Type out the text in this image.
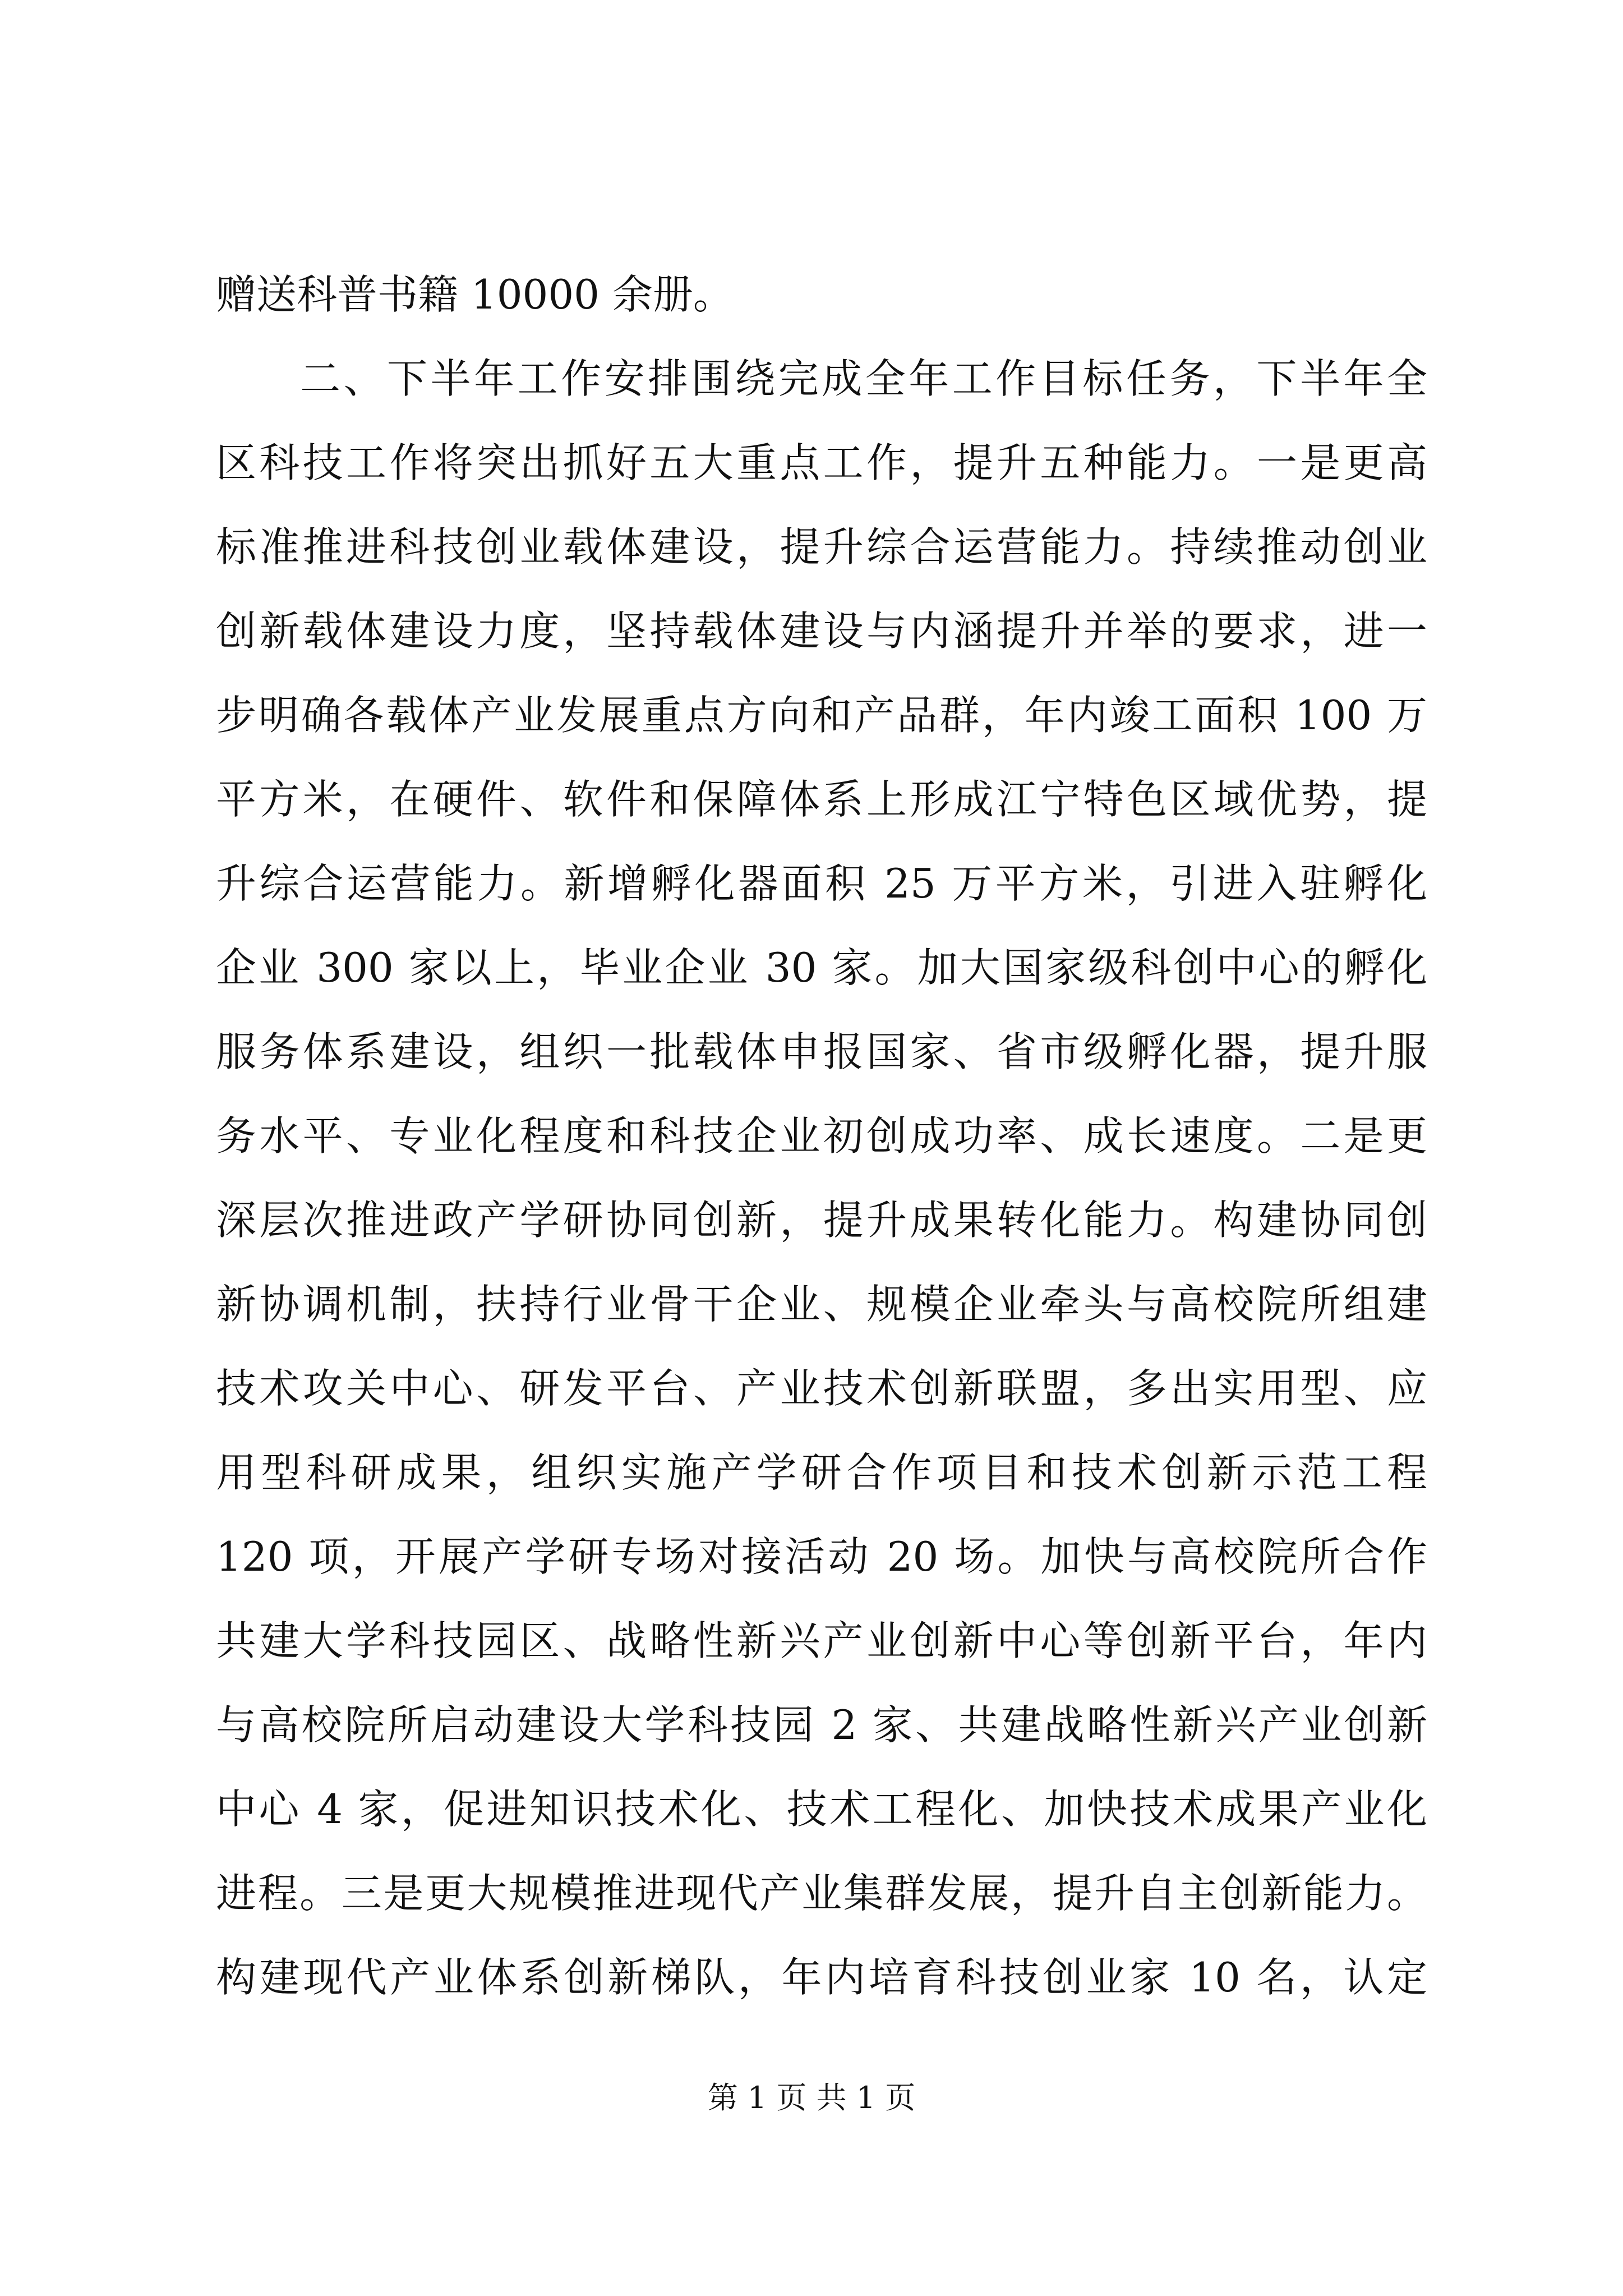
赠送科普书籍 10000 余册。
二、下半年工作安排围绕完成全年工作目标任务，下半年全
区科技工作将突出抓好五大重点工作，提升五种能力。一是更高
标准推进科技创业载体建设，提升综合运营能力。持续推动创业
创新载体建设力度，坚持载体建设与内涵提升并举的要求，进一
步明确各载体产业发展重点方向和产品群，年内竣工面积 100 万
平方米，在硬件、软件和保障体系上形成江宁特色区域优势，提
升综合运营能力。新增孵化器面积 25 万平方米，引进入驻孵化
企业 300 家以上，毕业企业 30 家。加大国家级科创中心的孵化
服务体系建设，组织一批载体申报国家、省市级孵化器，提升服
务水平、专业化程度和科技企业初创成功率、成长速度。二是更
深层次推进政产学研协同创新，提升成果转化能力。构建协同创
新协调机制，扶持行业骨干企业、规模企业牵头与高校院所组建
技术攻关中心、研发平台、产业技术创新联盟，多出实用型、应
用型科研成果，组织实施产学研合作项目和技术创新示范工程
120 项，开展产学研专场对接活动 20 场。加快与高校院所合作
共建大学科技园区、战略性新兴产业创新中心等创新平台，年内
与高校院所启动建设大学科技园 2 家、共建战略性新兴产业创新
中心 4 家，促进知识技术化、技术工程化、加快技术成果产业化
进程。三是更大规模推进现代产业集群发展，提升自主创新能力。
构建现代产业体系创新梯队，年内培育科技创业家 10 名，认定
第 1 页 共 1 页
